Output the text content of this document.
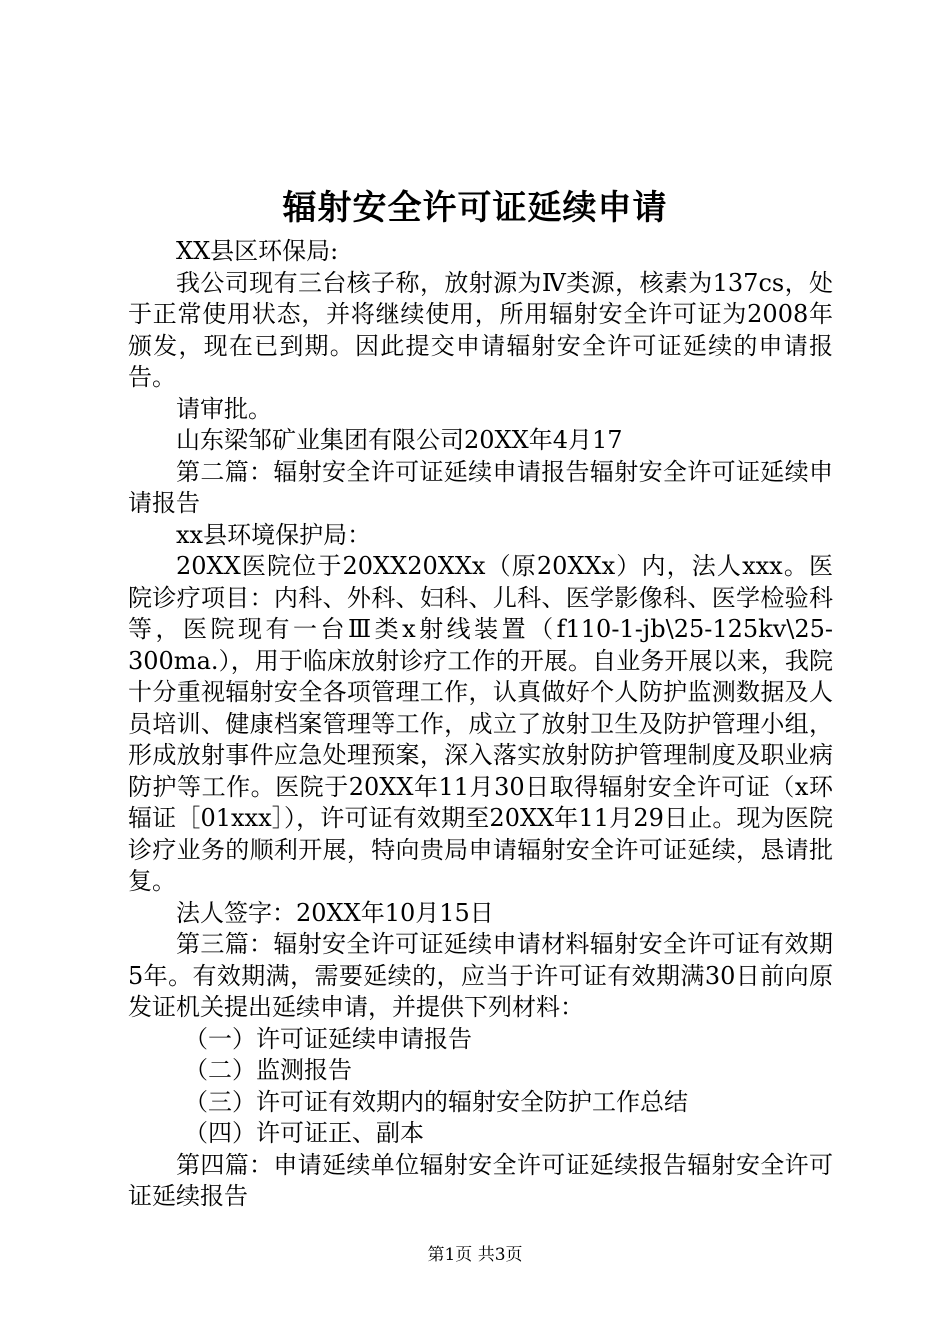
辐射安全许可证延续申请

XX县区环保局:

我公司现有三台核子称，放射源为Ⅳ类源，核素为137cs，处于正常使用状态，并将继续使用，所用辐射安全许可证为2008年颁发，现在已到期。因此提交申请辐射安全许可证延续的申请报告。

请审批。

山东梁邹矿业集团有限公司20XX年4月17

第二篇：辐射安全许可证延续申请报告辐射安全许可证延续申请报告

xx县环境保护局：

20XX医院位于20XX20XXx（原20XXx）内，法人xxx。医院诊疗项目：内科、外科、妇科、儿科、医学影像科、医学检验科等，医院现有一台Ⅲ类x射线装置（f110-1-jb\25-125kv\25-300ma.），用于临床放射诊疗工作的开展。自业务开展以来，我院十分重视辐射安全各项管理工作，认真做好个人防护监测数据及人员培训、健康档案管理等工作，成立了放射卫生及防护管理小组，形成放射事件应急处理预案，深入落实放射防护管理制度及职业病防护等工作。医院于20XX年11月30日取得辐射安全许可证（x环辐证［01xxx］），许可证有效期至20XX年11月29日止。现为医院诊疗业务的顺利开展，特向贵局申请辐射安全许可证延续，恳请批复。

法人签字：20XX年10月15日

第三篇：辐射安全许可证延续申请材料辐射安全许可证有效期5年。有效期满，需要延续的，应当于许可证有效期满30日前向原发证机关提出延续申请，并提供下列材料：

（一）许可证延续申请报告

（二）监测报告

（三）许可证有效期内的辐射安全防护工作总结

（四）许可证正、副本

第四篇：申请延续单位辐射安全许可证延续报告辐射安全许可证延续报告

第1页 共3页
